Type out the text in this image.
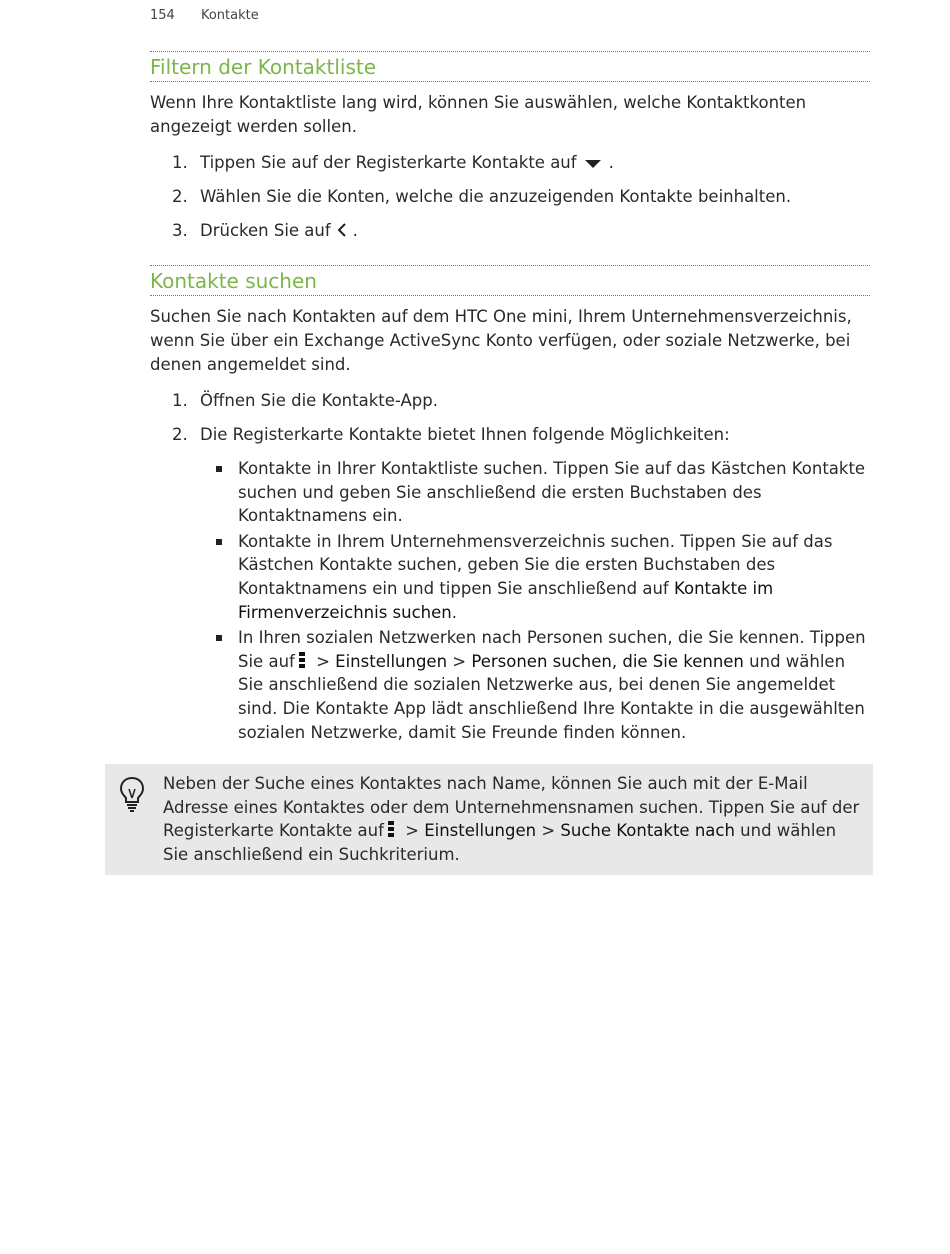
154 Kontakte
Filtern der Kontaktliste
Wenn Ihre Kontaktliste lang wird, können Sie auswählen, welche Kontaktkonten angezeigt werden sollen.
1. Tippen Sie auf der Registerkarte Kontakte auf .
2. Wählen Sie die Konten, welche die anzuzeigenden Kontakte beinhalten.
3. Drücken Sie auf .
Kontakte suchen
Suchen Sie nach Kontakten auf dem HTC One mini, Ihrem Unternehmensverzeichnis, wenn Sie über ein Exchange ActiveSync Konto verfügen, oder soziale Netzwerke, bei denen angemeldet sind.
1. Öffnen Sie die Kontakte-App.
2. Die Registerkarte Kontakte bietet Ihnen folgende Möglichkeiten:
Kontakte in Ihrer Kontaktliste suchen. Tippen Sie auf das Kästchen Kontakte suchen und geben Sie anschließend die ersten Buchstaben des Kontaktnamens ein.
Kontakte in Ihrem Unternehmensverzeichnis suchen. Tippen Sie auf das Kästchen Kontakte suchen, geben Sie die ersten Buchstaben des Kontaktnamens ein und tippen Sie anschließend auf Kontakte im Firmenverzeichnis suchen.
In Ihren sozialen Netzwerken nach Personen suchen, die Sie kennen. Tippen Sie auf
> Einstellungen > Personen suchen, die Sie kennen und wählen Sie anschließend die sozialen Netzwerke aus, bei denen Sie angemeldet sind. Die Kontakte App lädt anschließend Ihre Kontakte in die ausgewählten sozialen Netzwerke, damit Sie Freunde finden können.
Neben der Suche eines Kontaktes nach Name, können Sie auch mit der E-Mail Adresse eines Kontaktes oder dem Unternehmensnamen suchen. Tippen Sie auf der Registerkarte Kontakte auf
> Einstellungen > Suche Kontakte nach und wählen Sie anschließend ein Suchkriterium.
